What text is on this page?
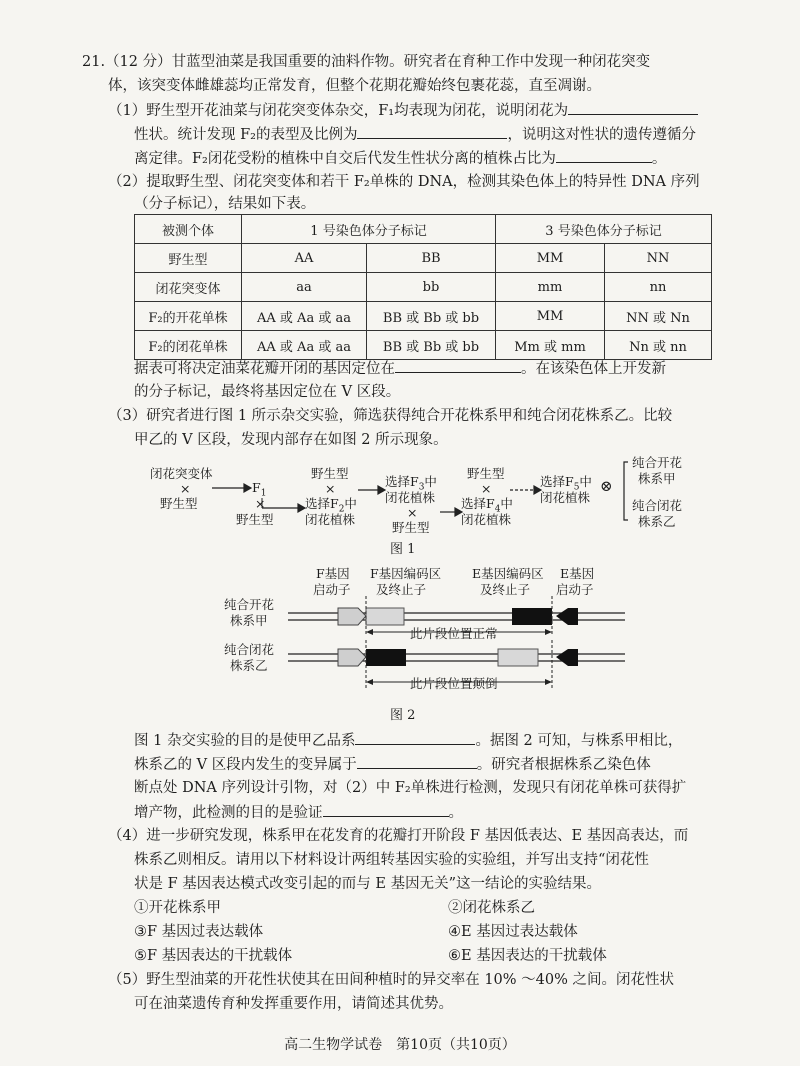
21.（12 分）甘蓝型油菜是我国重要的油料作物。研究者在育种工作中发现一种闭花突变
体，该突变体雌雄蕊均正常发育，但整个花期花瓣始终包裹花蕊，直至凋谢。
（1）野生型开花油菜与闭花突变体杂交，F₁均表现为闭花，说明闭花为
性状。统计发现 F₂的表型及比例为	，说明这对性状的遗传遵循分
离定律。F₂闭花受粉的植株中自交后代发生性状分离的植株占比为	。
（2）提取野生型、闭花突变体和若干 F₂单株的 DNA，检测其染色体上的特异性 DNA 序列
（分子标记），结果如下表。
被测个体	1 号染色体分子标记		3 号染色体分子标记	
野生型	AA	BB	MM	NN
闭花突变体	aa	bb	mm	nn
F₂的开花单株	AA 或 Aa 或 aa	BB 或 Bb 或 bb	MM	NN 或 Nn
F₂的闭花单株	AA 或 Aa 或 aa	BB 或 Bb 或 bb	Mm 或 mm	Nn 或 nn
据表可将决定油菜花瓣开闭的基因定位在	。在该染色体上开发新
的分子标记，最终将基因定位在 V 区段。
（3）研究者进行图 1 所示杂交实验，筛选获得纯合开花株系甲和纯合闭花株系乙。比较
甲乙的 V 区段，发现内部存在如图 2 所示现象。
闭花突变体
×
野生型
$F_1$
×
野生型
野生型
×
选择$F_2$中
闭花植株
选择$F_3$中
闭花植株
×
野生型
野生型
×
选择$F_4$中
闭花植株
选择$F_5$中
闭花植株
⊗
纯合开花
株系甲
纯合闭花
株系乙
图 1
F基因
启动子
F基因编码区
及终止子
E基因编码区
及终止子
E基因
启动子
纯合开花
株系甲
纯合闭花
株系乙
此片段位置正常
此片段位置颠倒
图 2
图 1 杂交实验的目的是使甲乙品系	。据图 2 可知，与株系甲相比，
株系乙的 V 区段内发生的变异属于	。研究者根据株系乙染色体
断点处 DNA 序列设计引物，对（2）中 F₂单株进行检测，发现只有闭花单株可获得扩
增产物，此检测的目的是验证	。
（4）进一步研究发现，株系甲在花发育的花瓣打开阶段 F 基因低表达、E 基因高表达，而
株系乙则相反。请用以下材料设计两组转基因实验的实验组，并写出支持“闭花性
状是 F 基因表达模式改变引起的而与 E 基因无关”这一结论的实验结果。
①开花株系甲	②闭花株系乙
③F 基因过表达载体	④E 基因过表达载体
⑤F 基因表达的干扰载体	⑥E 基因表达的干扰载体
（5）野生型油菜的开花性状使其在田间种植时的异交率在 10% ～40% 之间。闭花性状
可在油菜遗传育种发挥重要作用，请简述其优势。
高二生物学试卷　第10页（共10页）
